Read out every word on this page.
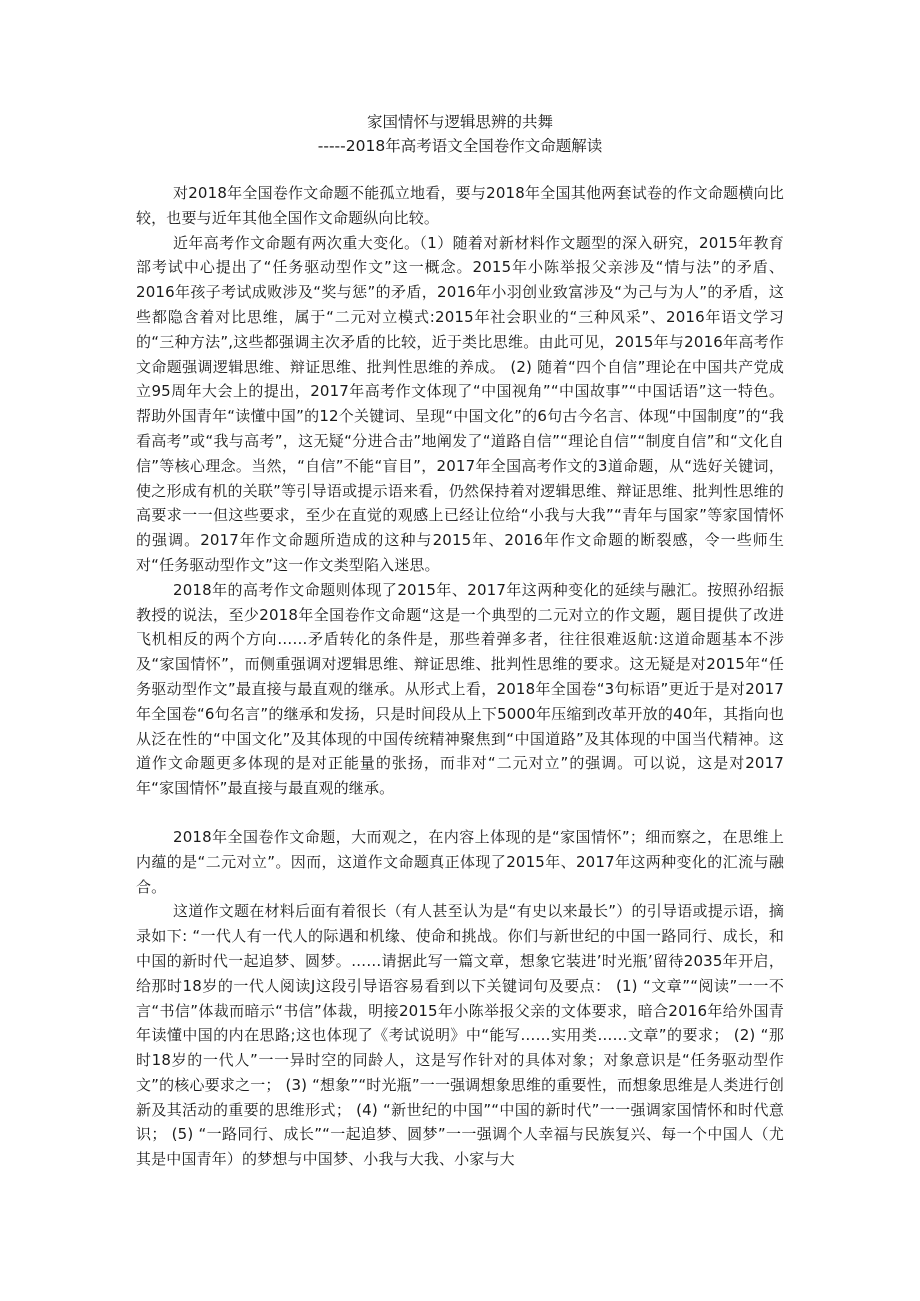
家国情怀与逻辑思辨的共舞
-----2018年高考语文全国卷作文命题解读

对2018年全国卷作文命题不能孤立地看，要与2018年全国其他两套试卷的作文命题横向比较，也要与近年其他全国作文命题纵向比较。

近年高考作文命题有两次重大变化。（1）随着对新材料作文题型的深入研究，2015年教育部考试中心提出了“任务驱动型作文”这一概念。2015年小陈举报父亲涉及“情与法”的矛盾、2016年孩子考试成败涉及“奖与惩”的矛盾，2016年小羽创业致富涉及“为己与为人”的矛盾，这些都隐含着对比思维，属于“二元对立模式:2015年社会职业的“三种风采”、2016年语文学习的“三种方法”,这些都强调主次矛盾的比较，近于类比思维。由此可见，2015年与2016年高考作文命题强调逻辑思维、辩证思维、批判性思维的养成。 (2) 随着“四个自信”理论在中国共产党成立95周年大会上的提出，2017年高考作文体现了“中国视角”“中国故事”“中国话语”这一特色。帮助外国青年“读懂中国”的12个关键词、呈现“中国文化”的6句古今名言、体现“中国制度”的“我看高考”或“我与高考”，这无疑“分进合击”地阐发了“道路自信”“理论自信”“制度自信”和“文化自信”等核心理念。当然，“自信”不能“盲目”，2017年全国高考作文的3道命题，从“选好关键词，使之形成有机的关联”等引导语或提示语来看，仍然保持着对逻辑思维、辩证思维、批判性思维的高要求一一但这些要求，至少在直觉的观感上已经让位给“小我与大我”“青年与国家”等家国情怀的强调。2017年作文命题所造成的这种与2015年、2016年作文命题的断裂感，令一些师生对“任务驱动型作文”这一作文类型陷入迷思。

2018年的高考作文命题则体现了2015年、2017年这两种变化的延续与融汇。按照孙绍振教授的说法，至少2018年全国卷作文命题“这是一个典型的二元对立的作文题，题目提供了改进飞机相反的两个方向……矛盾转化的条件是，那些着弹多者，往往很难返航:这道命题基本不涉及“家国情怀”，而侧重强调对逻辑思维、辩证思维、批判性思维的要求。这无疑是对2015年“任务驱动型作文”最直接与最直观的继承。从形式上看，2018年全国卷“3句标语”更近于是对2017年全国卷“6句名言”的继承和发扬，只是时间段从上下5000年压缩到改革开放的40年，其指向也从泛在性的“中国文化”及其体现的中国传统精神聚焦到“中国道路”及其体现的中国当代精神。这道作文命题更多体现的是对正能量的张扬，而非对“二元对立”的强调。可以说，这是对2017年“家国情怀”最直接与最直观的继承。

2018年全国卷作文命题，大而观之，在内容上体现的是“家国情怀”；细而察之，在思维上内蕴的是“二元对立”。因而，这道作文命题真正体现了2015年、2017年这两种变化的汇流与融合。

这道作文题在材料后面有着很长（有人甚至认为是“有史以来最长”）的引导语或提示语，摘录如下: “一代人有一代人的际遇和机缘、使命和挑战。你们与新世纪的中国一路同行、成长，和中国的新时代一起追梦、圆梦。……请据此写一篇文章，想象它装进’时光瓶’留待2035年开启，给那时18岁的一代人阅读J这段引导语容易看到以下关键词句及要点： (1) “文章”“阅读”一一不言“书信”体裁而暗示“书信”体裁，明接2015年小陈举报父亲的文体要求，暗合2016年给外国青年读懂中国的内在思路;这也体现了《考试说明》中“能写……实用类……文章”的要求； (2) “那时18岁的一代人”一一异时空的同龄人，这是写作针对的具体对象；对象意识是“任务驱动型作文”的核心要求之一； (3) “想象”“时光瓶”一一强调想象思维的重要性，而想象思维是人类进行创新及其活动的重要的思维形式； (4) “新世纪的中国”“中国的新时代”一一强调家国情怀和时代意识； (5) “一路同行、成长”“一起追梦、圆梦”一一强调个人幸福与民族复兴、每一个中国人（尤其是中国青年）的梦想与中国梦、小我与大我、小家与大
